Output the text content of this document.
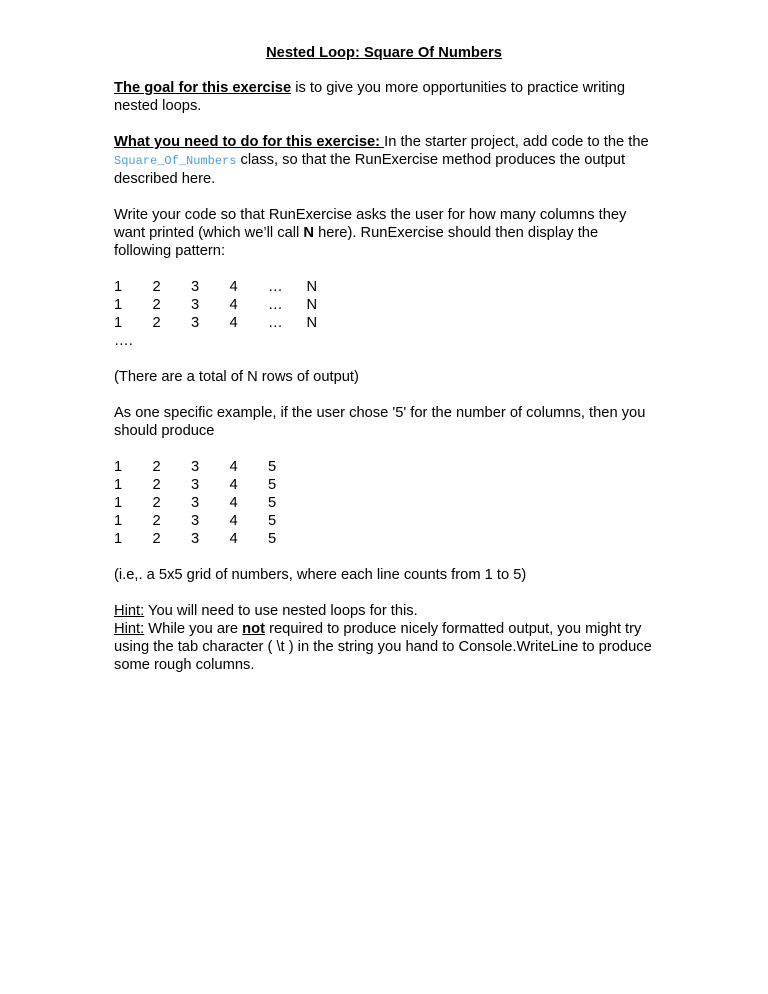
Nested Loop: Square Of Numbers

The goal for this exercise is to give you more opportunities to practice writing nested loops.

What you need to do for this exercise: In the starter project, add code to the the Square_Of_Numbers class, so that the RunExercise method produces the output described here.

Write your code so that RunExercise asks the user for how many columns they want printed (which we’ll call N here). RunExercise should then display the following pattern:

1	2	3	4	…	N
1	2	3	4	…	N
1	2	3	4	…	N
….

(There are a total of N rows of output)

As one specific example, if the user chose '5' for the number of columns, then you should produce

1	2	3	4	5
1	2	3	4	5
1	2	3	4	5
1	2	3	4	5
1	2	3	4	5

(i.e,. a 5x5 grid of numbers, where each line counts from 1 to 5)

Hint: You will need to use nested loops for this.
Hint: While you are not required to produce nicely formatted output, you might try using the tab character ( \t ) in the string you hand to Console.WriteLine to produce some rough columns.
